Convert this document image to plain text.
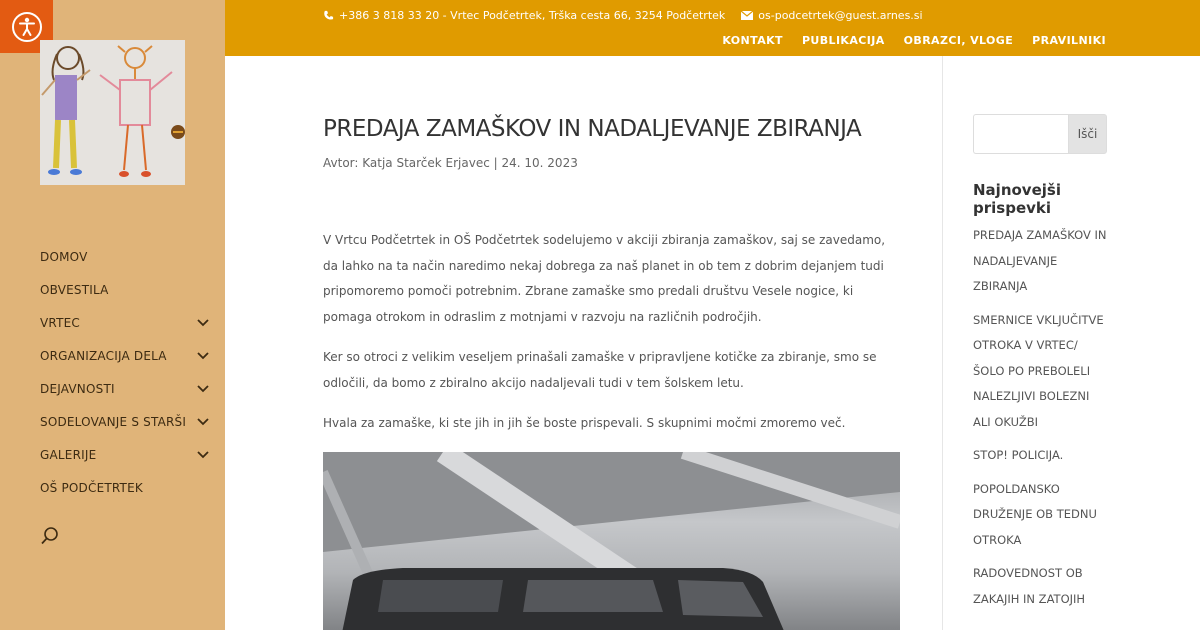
DOMOV
OBVESTILA
VRTEC
ORGANIZACIJA DELA
DEJAVNOSTI
SODELOVANJE S STARŠI
GALERIJE
OŠ PODČETRTEK
+386 3 818 33 20 - Vrtec Podčetrtek, Trška cesta 66, 3254 Podčetrtek	os-podcetrtek@guest.arnes.si
KONTAKT PUBLIKACIJA OBRAZCI, VLOGE PRAVILNIKI
PREDAJA ZAMAŠKOV IN NADALJEVANJE ZBIRANJA
Avtor: Katja Starček Erjavec | 24. 10. 2023

V Vrtcu Podčetrtek in OŠ Podčetrtek sodelujemo v akciji zbiranja zamaškov, saj se zavedamo, da lahko na ta način naredimo nekaj dobrega za naš planet in ob tem z dobrim dejanjem tudi pripomoremo pomoči potrebnim. Zbrane zamaške smo predali društvu Vesele nogice, ki pomaga otrokom in odraslim z motnjami v razvoju na različnih področjih.

Ker so otroci z velikim veseljem prinašali zamaške v pripravljene kotičke za zbiranje, smo se odločili, da bomo z zbiralno akcijo nadaljevali tudi v tem šolskem letu.

Hvala za zamaške, ki ste jih in jih še boste prispevali. S skupnimi močmi zmoremo več.

Išči
Najnovejši prispevki
PREDAJA ZAMAŠKOV IN NADALJEVANJE ZBIRANJA
SMERNICE VKLJUČITVE OTROKA V VRTEC/ ŠOLO PO PREBOLELI NALEZLJIVI BOLEZNI ALI OKUŽBI
STOP! POLICIJA.
POPOLDANSKO DRUŽENJE OB TEDNU OTROKA
RADOVEDNOST OB ZAKAJIH IN ZATOJIH
